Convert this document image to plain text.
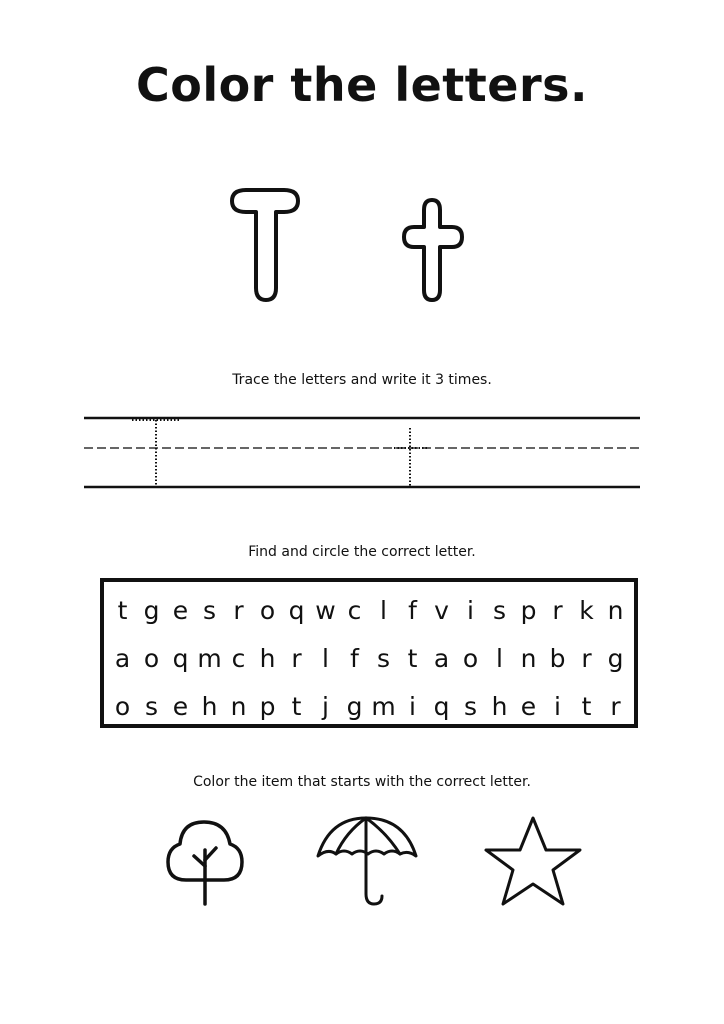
Color the letters.
Trace the letters and write it 3 times.
Find and circle the correct letter.
t g e s r o q w c l f v i s p r k n
a o q m c h r l f s t a o l n b r g
o s e h n p t j g m i q s h e i t r
Color the item that starts with the correct letter.
